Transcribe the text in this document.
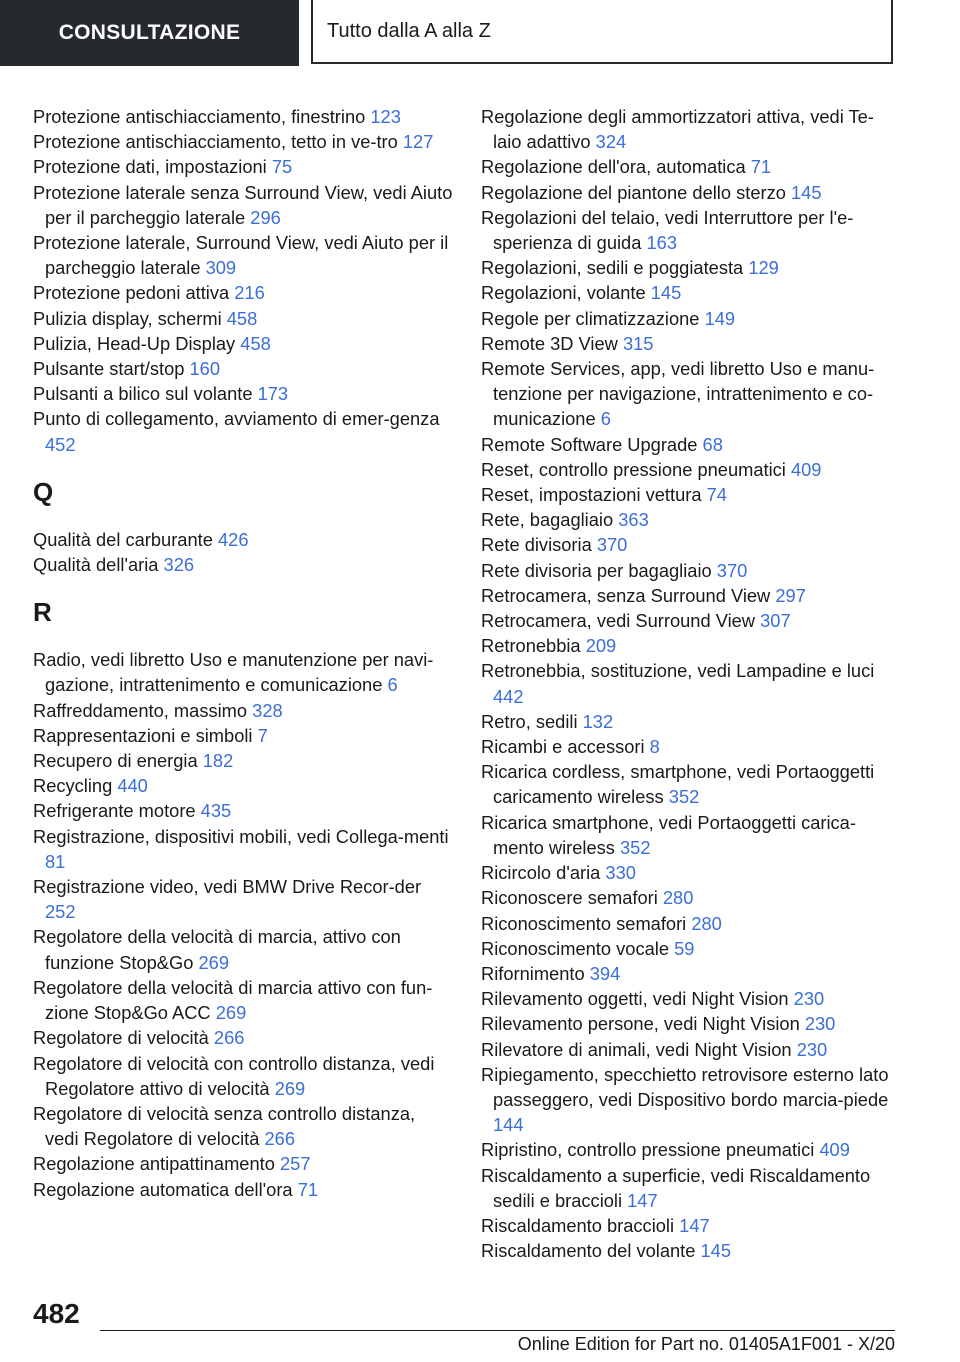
CONSULTAZIONE	Tutto dalla A alla Z

Protezione antischiacciamento, finestrino 123

Protezione antischiacciamento, tetto in ve-tro 127

Protezione dati, impostazioni 75

Protezione laterale senza Surround View, vedi Aiuto per il parcheggio laterale 296

Protezione laterale, Surround View, vedi Aiuto per il parcheggio laterale 309

Protezione pedoni attiva 216

Pulizia display, schermi 458

Pulizia, Head-Up Display 458

Pulsante start/stop 160

Pulsanti a bilico sul volante 173

Punto di collegamento, avviamento di emer-genza 452

Q

Qualità del carburante 426

Qualità dell'aria 326

R

Radio, vedi libretto Uso e manutenzione per navi-gazione, intrattenimento e comunicazione 6

Raffreddamento, massimo 328

Rappresentazioni e simboli 7

Recupero di energia 182

Recycling 440

Refrigerante motore 435

Registrazione, dispositivi mobili, vedi Collega-menti 81

Registrazione video, vedi BMW Drive Recor-der 252

Regolatore della velocità di marcia, attivo con funzione Stop&Go 269

Regolatore della velocità di marcia attivo con fun-zione Stop&Go ACC 269

Regolatore di velocità 266

Regolatore di velocità con controllo distanza, vedi Regolatore attivo di velocità 269

Regolatore di velocità senza controllo distanza, vedi Regolatore di velocità 266

Regolazione antipattinamento 257

Regolazione automatica dell'ora 71

Regolazione degli ammortizzatori attiva, vedi Te-laio adattivo 324

Regolazione dell'ora, automatica 71

Regolazione del piantone dello sterzo 145

Regolazioni del telaio, vedi Interruttore per l'e-sperienza di guida 163

Regolazioni, sedili e poggiatesta 129

Regolazioni, volante 145

Regole per climatizzazione 149

Remote 3D View 315

Remote Services, app, vedi libretto Uso e manu-tenzione per navigazione, intrattenimento e co-municazione 6

Remote Software Upgrade 68

Reset, controllo pressione pneumatici 409

Reset, impostazioni vettura 74

Rete, bagagliaio 363

Rete divisoria 370

Rete divisoria per bagagliaio 370

Retrocamera, senza Surround View 297

Retrocamera, vedi Surround View 307

Retronebbia 209

Retronebbia, sostituzione, vedi Lampadine e luci 442

Retro, sedili 132

Ricambi e accessori 8

Ricarica cordless, smartphone, vedi Portaoggetti caricamento wireless 352

Ricarica smartphone, vedi Portaoggetti carica-mento wireless 352

Ricircolo d'aria 330

Riconoscere semafori 280

Riconoscimento semafori 280

Riconoscimento vocale 59

Rifornimento 394

Rilevamento oggetti, vedi Night Vision 230

Rilevamento persone, vedi Night Vision 230

Rilevatore di animali, vedi Night Vision 230

Ripiegamento, specchietto retrovisore esterno lato passeggero, vedi Dispositivo bordo marcia-piede 144

Ripristino, controllo pressione pneumatici 409

Riscaldamento a superficie, vedi Riscaldamento sedili e braccioli 147

Riscaldamento braccioli 147

Riscaldamento del volante 145

482
Online Edition for Part no. 01405A1F001 - X/20
